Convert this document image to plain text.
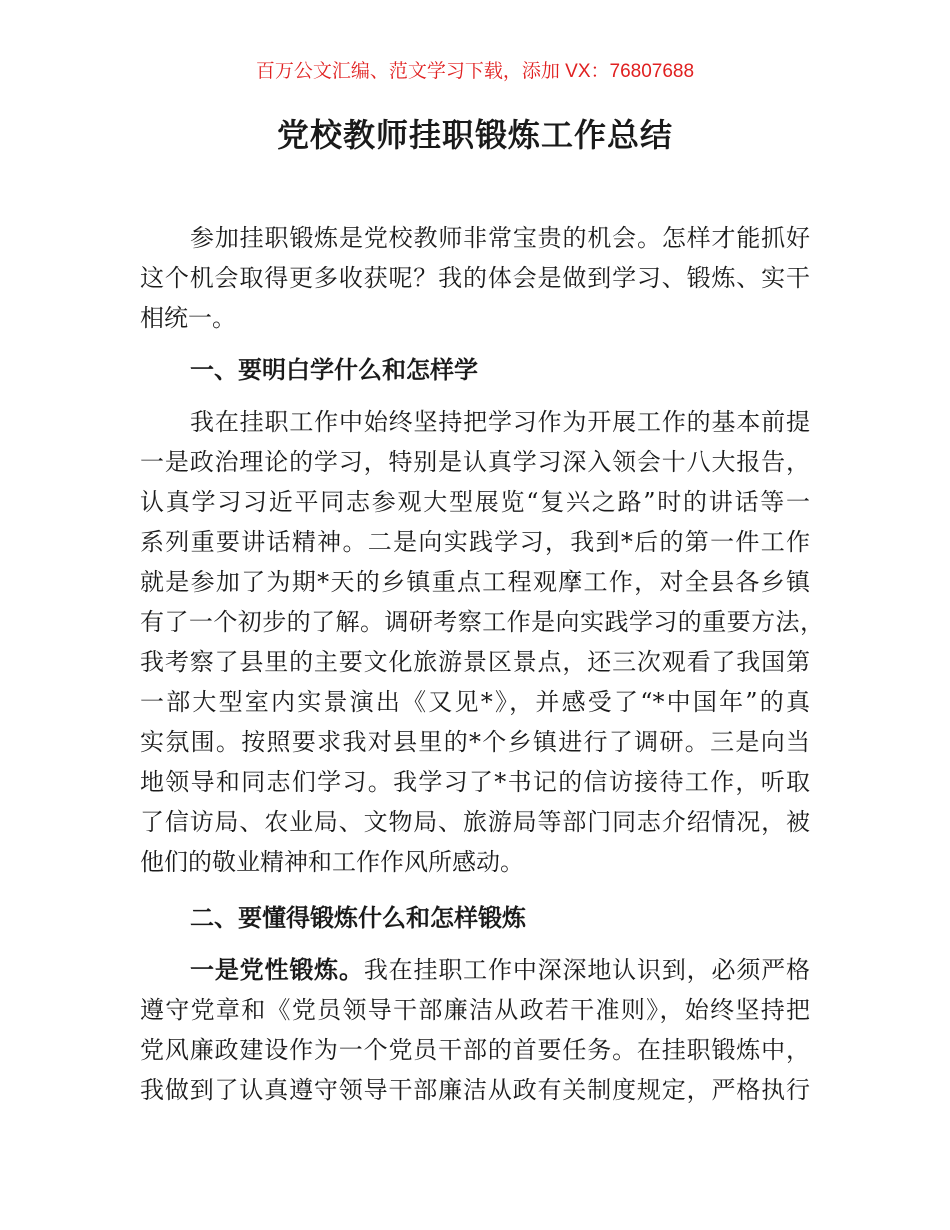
百万公文汇编、范文学习下载，添加 VX：76807688
党校教师挂职锻炼工作总结
参加挂职锻炼是党校教师非常宝贵的机会。怎样才能抓好
这个机会取得更多收获呢？我的体会是做到学习、锻炼、实干
相统一。
一、要明白学什么和怎样学
我在挂职工作中始终坚持把学习作为开展工作的基本前提
一是政治理论的学习，特别是认真学习深入领会十八大报告，
认真学习习近平同志参观大型展览“复兴之路”时的讲话等一
系列重要讲话精神。二是向实践学习，我到*后的第一件工作
就是参加了为期*天的乡镇重点工程观摩工作，对全县各乡镇
有了一个初步的了解。调研考察工作是向实践学习的重要方法，
我考察了县里的主要文化旅游景区景点，还三次观看了我国第
一部大型室内实景演出《又见*》，并感受了“*中国年”的真
实氛围。按照要求我对县里的*个乡镇进行了调研。三是向当
地领导和同志们学习。我学习了*书记的信访接待工作，听取
了信访局、农业局、文物局、旅游局等部门同志介绍情况，被
他们的敬业精神和工作作风所感动。
二、要懂得锻炼什么和怎样锻炼
一是党性锻炼。我在挂职工作中深深地认识到，必须严格
遵守党章和《党员领导干部廉洁从政若干准则》，始终坚持把
党风廉政建设作为一个党员干部的首要任务。在挂职锻炼中，
我做到了认真遵守领导干部廉洁从政有关制度规定，严格执行
